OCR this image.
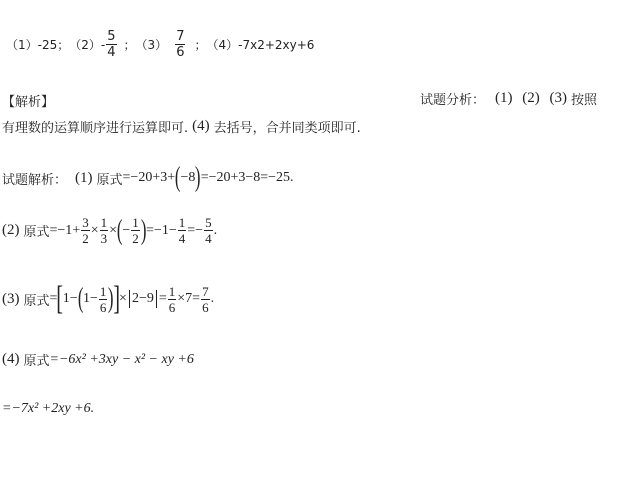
（1） -25 ； $(2) - \frac{5}{4}$ ； $(3) \frac{7}{6}$ ； （4） -7x2+2xy+6
【解析】	试题分析： (1) (2) (3) 按照
有理数的运算顺序进行运算即可. (4) 去括号，合并同类项即可.
试题解析： (1) 原式 =−20+3+ ( −8 ) =−20+3−8=−25.
(2) 原式 $=-1+ \frac{3}{2} \times \frac{1}{3}$ × ( − $\frac{1}{2}$ ) $=-1- \frac{1}{4} =- \frac{5}{4}$ .
(3) 原式 = [ 1− ( $1- \frac{1}{6}$ ) ] × $2-9 = \frac{1}{6} \times 7= \frac{7}{6}$ .
(4) 原式 =−6x² +3xy − x² − xy +6
=−7x² +2xy +6.
